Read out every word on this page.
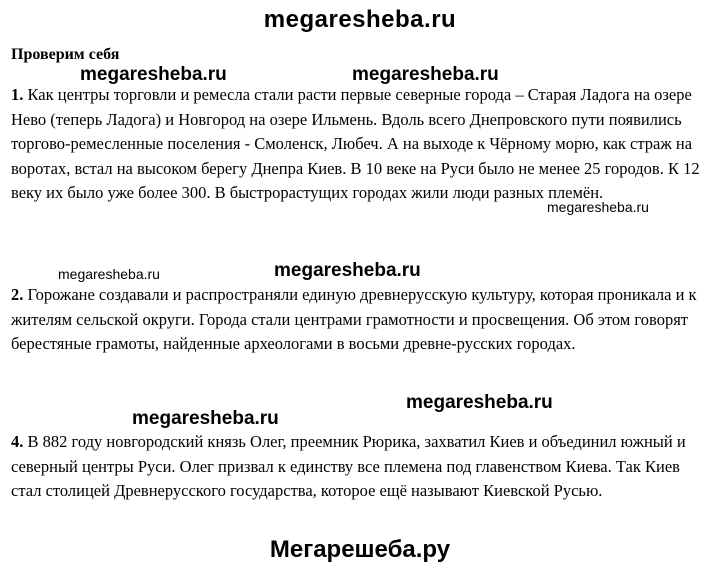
megaresheba.ru
Проверим себя
megaresheba.ru	megaresheba.ru
1. Как центры торговли и ремесла стали расти первые северные города – Старая Ладога на озере Нево (теперь Ладога) и Новгород на озере Ильмень. Вдоль всего Днепровского пути появились торгово-ремесленные поселения - Смоленск, Любеч. А на выходе к Чёрному морю, как страж на воротах, встал на высоком берегу Днепра Киев. В 10 веке на Руси было не менее 25 городов. К 12 веку их было уже более 300. В быстрорастущих городах жили люди разных племён.
megaresheba.ru
megaresheba.ru	megaresheba.ru
2. Горожане создавали и распространяли единую древнерусскую культуру, которая проникала и к жителям сельской округи. Города стали центрами грамотности и просвещения. Об этом говорят берестяные грамоты, найденные археологами в восьми древне-русских городах.
megaresheba.ru
megaresheba.ru
4. В 882 году новгородский князь Олег, преемник Рюрика, захватил Киев и объединил южный и северный центры Руси. Олег призвал к единству все племена под главенством Киева. Так Киев стал столицей Древнерусского государства, которое ещё называют Киевской Русью.
Мегарешеба.ру
